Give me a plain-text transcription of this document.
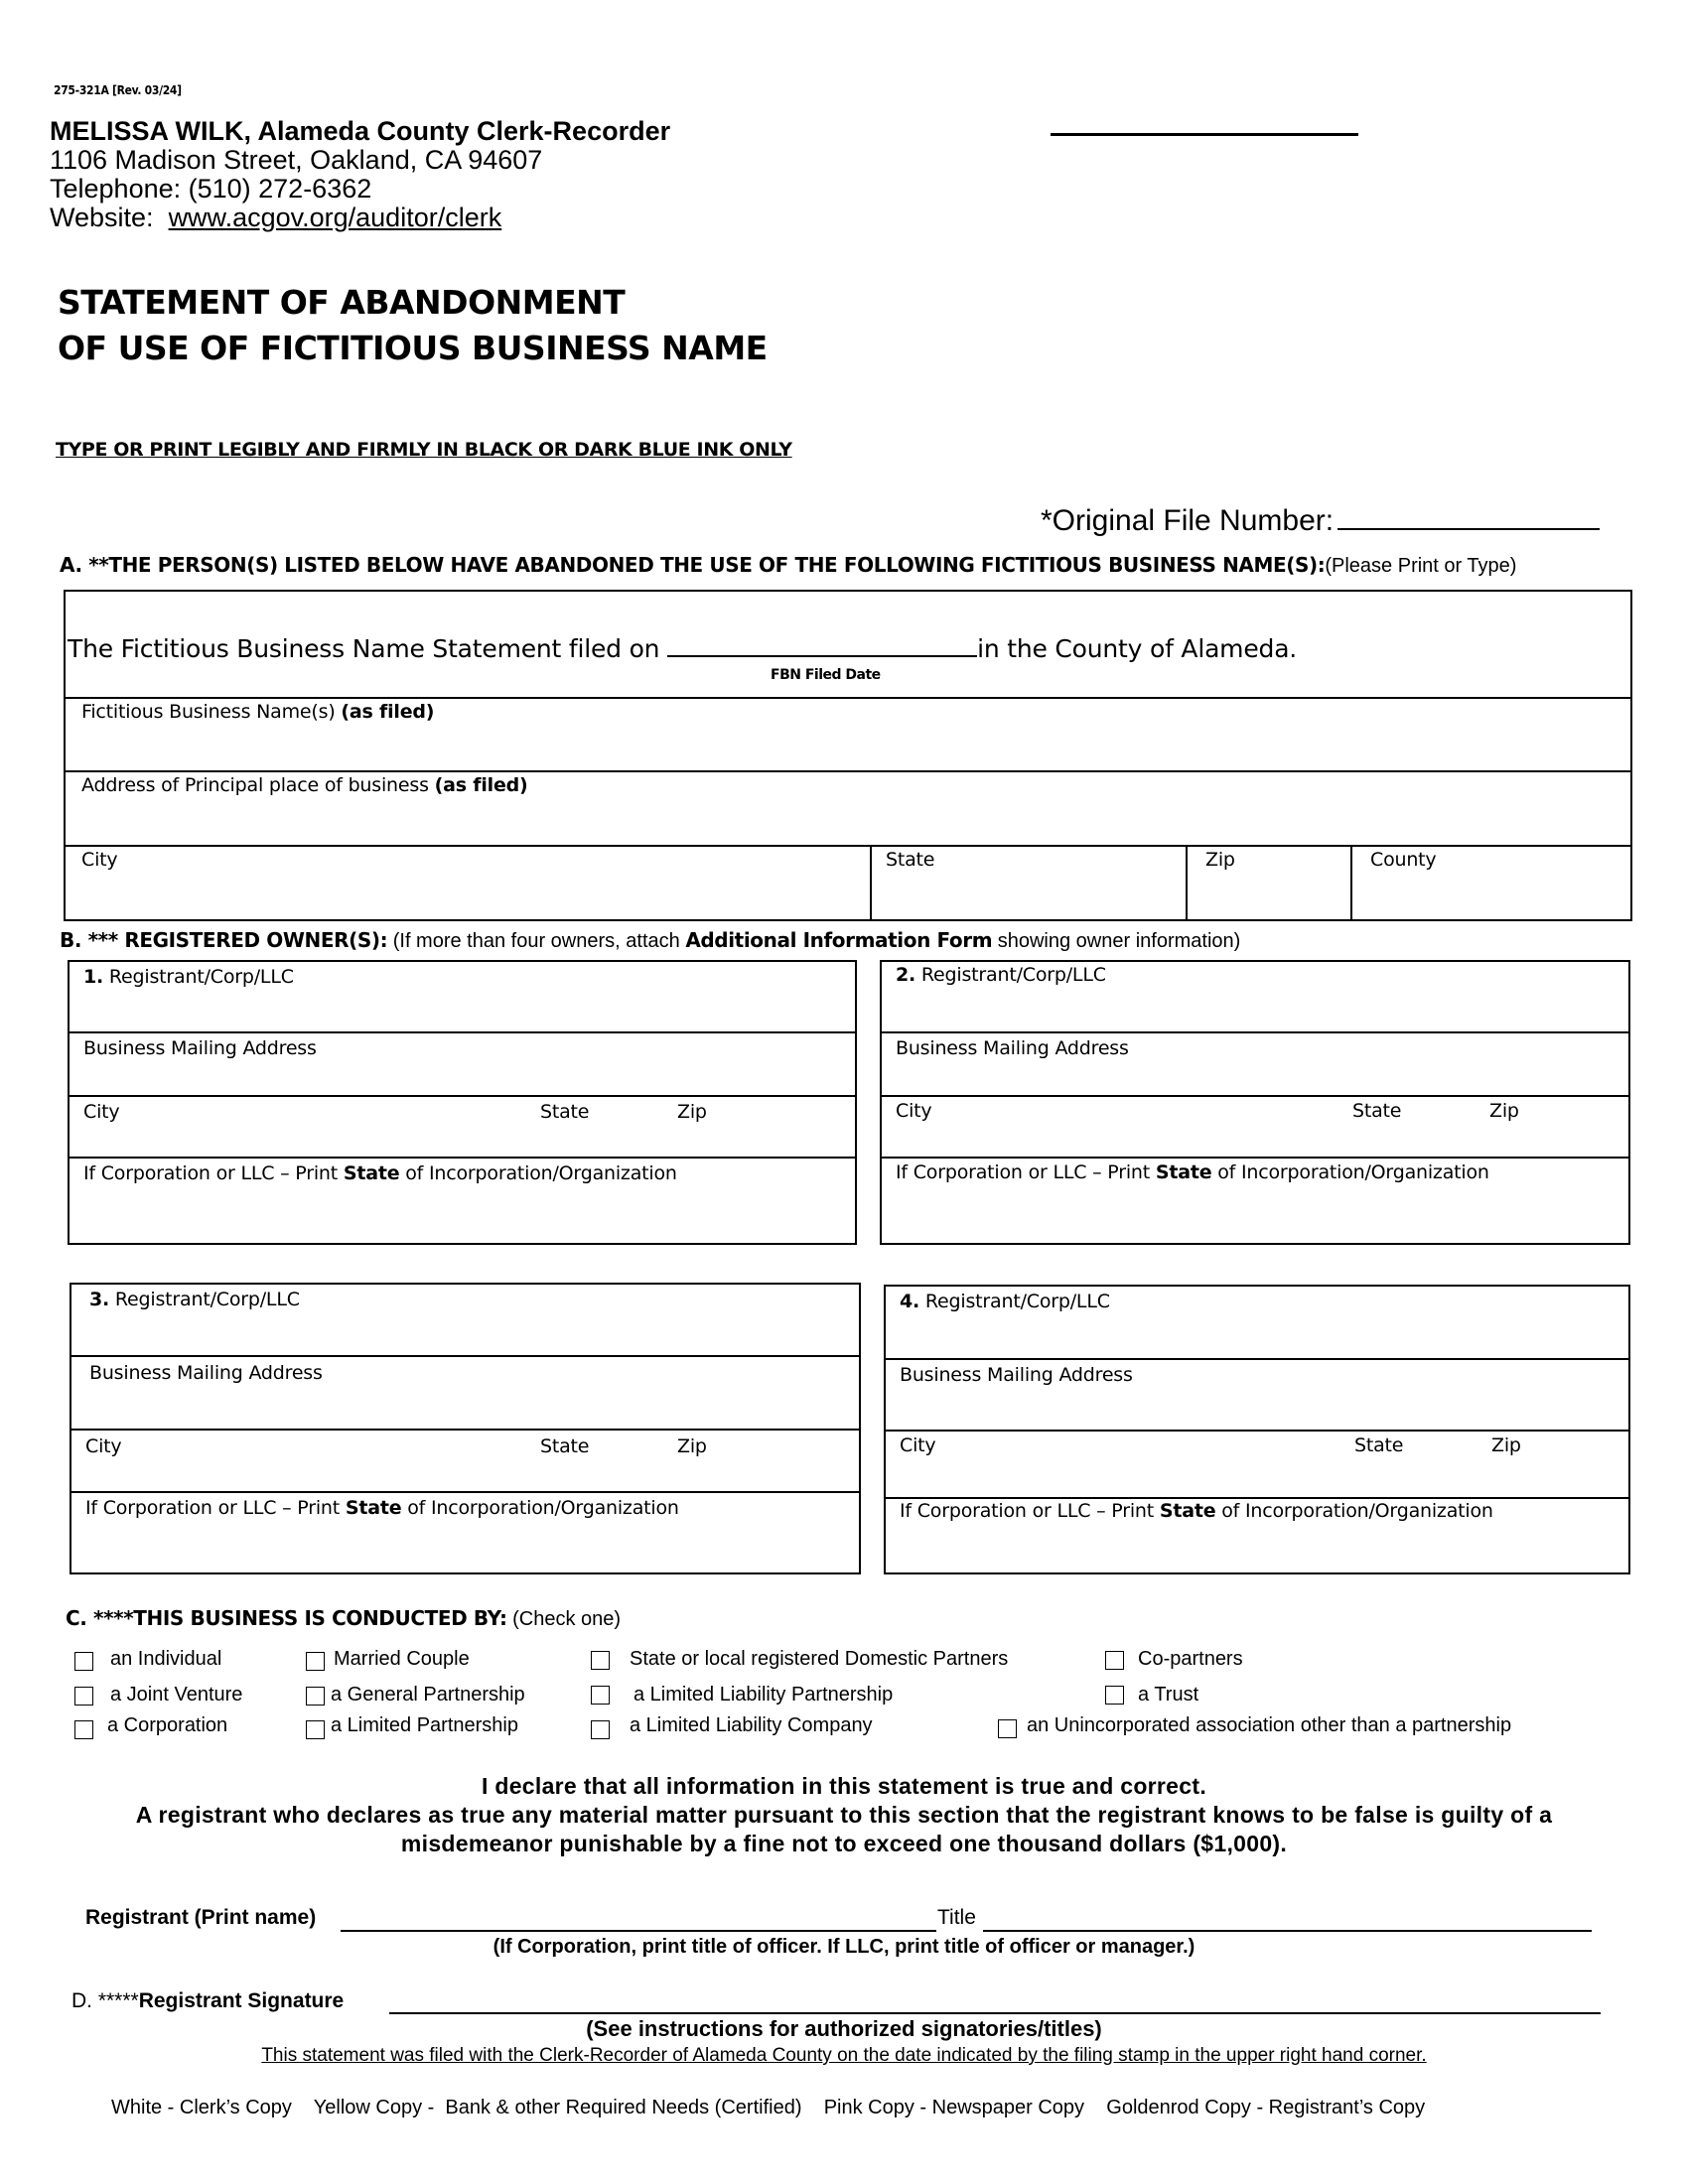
275-321A [Rev. 03/24]
MELISSA WILK, Alameda County Clerk-Recorder
1106 Madison Street, Oakland, CA 94607
Telephone: (510) 272-6362
Website:  www.acgov.org/auditor/clerk
STATEMENT OF ABANDONMENT
OF USE OF FICTITIOUS BUSINESS NAME
TYPE OR PRINT LEGIBLY AND FIRMLY IN BLACK OR DARK BLUE INK ONLY
*Original File Number:
A. **THE PERSON(S) LISTED BELOW HAVE ABANDONED THE USE OF THE FOLLOWING FICTITIOUS BUSINESS NAME(S):(Please Print or Type)
The Fictitious Business Name Statement filed on	in the County of Alameda.
FBN Filed Date
Fictitious Business Name(s) (as filed)
Address of Principal place of business (as filed)
City	State	Zip	County
B. *** REGISTERED OWNER(S): (If more than four owners, attach Additional Information Form showing owner information)
1. Registrant/Corp/LLC
Business Mailing Address
City	State	Zip
If Corporation or LLC – Print State of Incorporation/Organization
2. Registrant/Corp/LLC
Business Mailing Address
City	State	Zip
If Corporation or LLC – Print State of Incorporation/Organization
3. Registrant/Corp/LLC
Business Mailing Address
City	State	Zip
If Corporation or LLC – Print State of Incorporation/Organization
4. Registrant/Corp/LLC
Business Mailing Address
City	State	Zip
If Corporation or LLC – Print State of Incorporation/Organization
C. ****THIS BUSINESS IS CONDUCTED BY: (Check one)
an Individual	Married Couple	State or local registered Domestic Partners	Co-partners
a Joint Venture	a General Partnership	a Limited Liability Partnership	a Trust
a Corporation	a Limited Partnership	a Limited Liability Company	an Unincorporated association other than a partnership
I declare that all information in this statement is true and correct.
A registrant who declares as true any material matter pursuant to this section that the registrant knows to be false is guilty of a
misdemeanor punishable by a fine not to exceed one thousand dollars ($1,000).
Registrant (Print name)	Title
(If Corporation, print title of officer. If LLC, print title of officer or manager.)
D. *****Registrant Signature
(See instructions for authorized signatories/titles)
This statement was filed with the Clerk-Recorder of Alameda County on the date indicated by the filing stamp in the upper right hand corner.
White - Clerk’s Copy    Yellow Copy -  Bank & other Required Needs (Certified)    Pink Copy - Newspaper Copy    Goldenrod Copy - Registrant’s Copy
